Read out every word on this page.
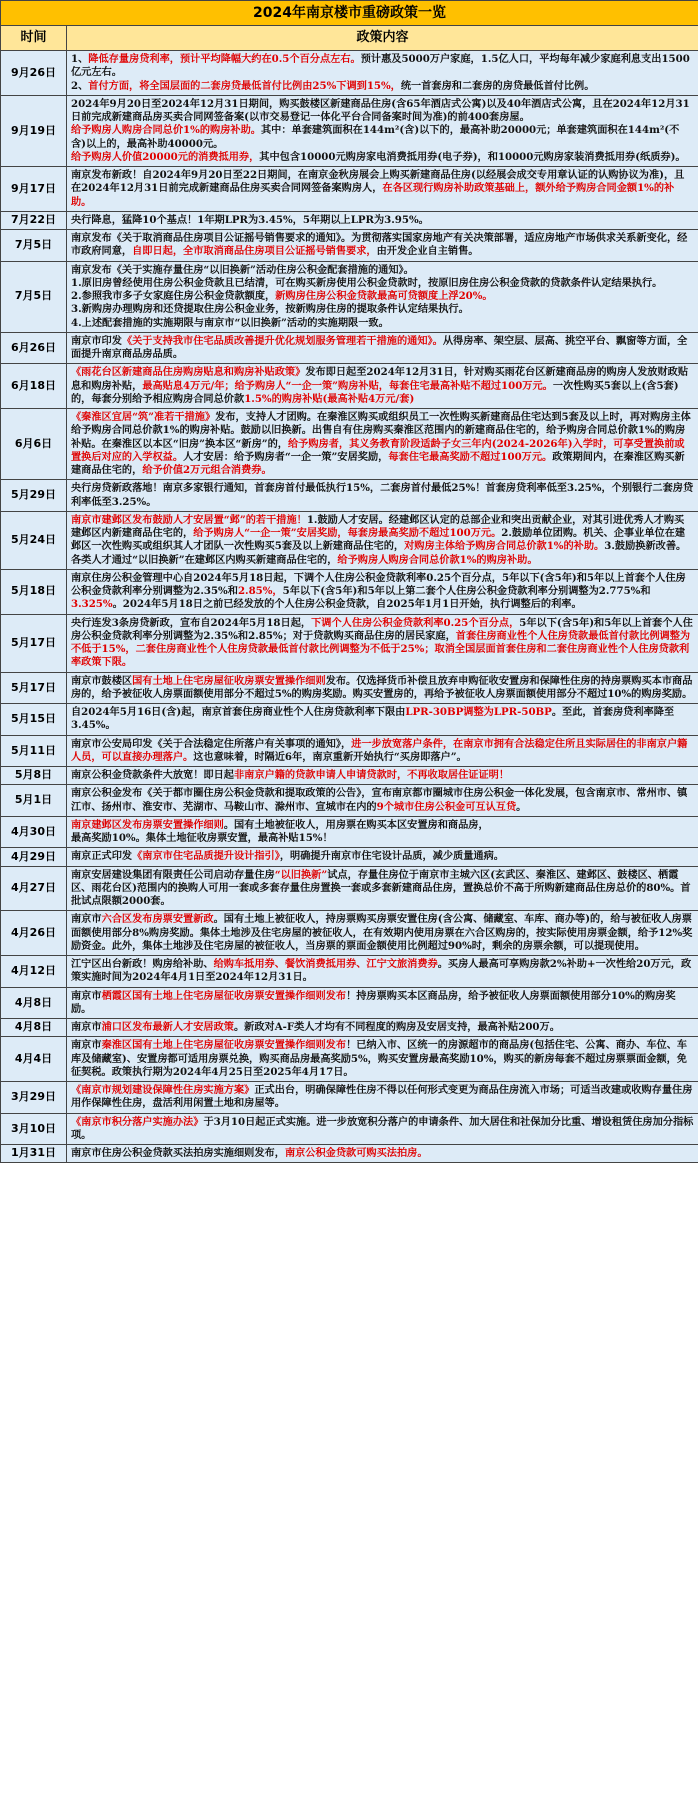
2024年南京楼市重磅政策一览	
时间	政策内容
9月26日	1、降低存量房贷利率，预计平均降幅大约在0.5个百分点左右。预计惠及5000万户家庭，1.5亿人口，平均每年减少家庭利息支出1500亿元左右。
2、首付方面，将全国层面的二套房贷最低首付比例由25%下调到15%，统一首套房和二套房的房贷最低首付比例。
9月19日	2024年9月20日至2024年12月31日期间，购买鼓楼区新建商品住房(含65年酒店式公寓)以及40年酒店式公寓，且在2024年12月31日前完成新建商品房买卖合同网签备案(以市交易登记一体化平台合同备案时间为准)的前400套房屋。
给予购房人购房合同总价1%的购房补助。其中：单套建筑面积在144m²(含)以下的，最高补助20000元；单套建筑面积在144m²(不含)以上的，最高补助40000元。
给予购房人价值20000元的消费抵用券，其中包含10000元购房家电消费抵用券(电子券)，和10000元购房家装消费抵用券(纸质券)。
9月17日	南京发布新政！自2024年9月20日至22日期间，在南京金秋房展会上购买新建商品住房(以经展会成交专用章认证的认购协议为准)，且在2024年12月31日前完成新建商品住房买卖合同网签备案购房人，在各区现行购房补助政策基础上，额外给予购房合同金额1%的补助。
7月22日	央行降息，猛降10个基点！1年期LPR为3.45%，5年期以上LPR为3.95%。
7月5日	南京发布《关于取消商品住房项目公证摇号销售要求的通知》。为贯彻落实国家房地产有关决策部署，适应房地产市场供求关系新变化，经市政府同意，自即日起，全市取消商品住房项目公证摇号销售要求，由开发企业自主销售。
7月5日	南京发布《关于实施存量住房“以旧换新”活动住房公积金配套措施的通知》。
1.原旧房曾经使用住房公积金贷款且已结清，可在购买新房使用公积金贷款时，按原旧房住房公积金贷款的贷款条件认定结果执行。
2.参照我市多子女家庭住房公积金贷款额度，新购房住房公积金贷款最高可贷额度上浮20%。
3.新购房办理购房和还贷提取住房公积金业务，按新购房住房的提取条件认定结果执行。
4.上述配套措施的实施期限与南京市“以旧换新”活动的实施期限一致。
6月26日	南京市印发《关于支持我市住宅品质改善提升优化规划服务管理若干措施的通知》。从得房率、架空层、层高、挑空平台、飘窗等方面，全面提升南京商品房品质。
6月18日	《雨花台区新建商品住房购房贴息和购房补贴政策》发布即日起至2024年12月31日，针对购买雨花台区新建商品房的购房人发放财政贴息和购房补贴，最高贴息4万元/年；给予购房人“一企一策”购房补贴，每套住宅最高补贴不超过100万元。一次性购买5套以上(含5套)的，每套分别给予相应购房合同总价款1.5%的购房补贴(最高补贴4万元/套)
6月6日	《秦淮区宜居“筑”准若干措施》发布，支持人才团购。在秦淮区购买或组织员工一次性购买新建商品住宅达到5套及以上时，再对购房主体给予购房合同总价款1%的购房补贴。鼓励以旧换新。出售自有住房购买秦淮区范围内的新建商品住宅的，给予购房合同总价款1%的购房补贴。在秦淮区以本区“旧房”换本区“新房”的，给予购房者，其义务教育阶段适龄子女三年内(2024-2026年)入学时，可享受置换前或置换后对应的入学权益。人才安居：给予购房者“一企一策”安居奖励，每套住宅最高奖励不超过100万元。政策期间内，在秦淮区购买新建商品住宅的，给予价值2万元组合消费券。
5月29日	央行房贷新政落地！南京多家银行通知，首套房首付最低执行15%，二套房首付最低25%！首套房贷利率低至3.25%，个别银行二套房贷利率低至3.25%。
5月24日	南京市建邺区发布鼓励人才安居置“邺”的若干措施！1.鼓励人才安居。经建邺区认定的总部企业和突出贡献企业，对其引进优秀人才购买建邺区内新建商品住宅的，给予购房人“一企一策”安居奖励，每套房最高奖励不超过100万元。2.鼓励单位团购。机关、企事业单位在建邺区一次性购买或组织其人才团队一次性购买5套及以上新建商品住宅的，对购房主体给予购房合同总价款1%的补助。3.鼓励换新改善。各类人才通过“以旧换新”在建邺区内购买新建商品住宅的，给予购房人购房合同总价款1%的购房补助。
5月18日	南京住房公积金管理中心自2024年5月18日起，下调个人住房公积金贷款利率0.25个百分点，5年以下(含5年)和5年以上首套个人住房公积金贷款利率分别调整为2.35%和2.85%，5年以下(含5年)和5年以上第二套个人住房公积金贷款利率分别调整为2.775%和3.325%。2024年5月18日之前已经发放的个人住房公积金贷款，自2025年1月1日开始，执行调整后的利率。
5月17日	央行连发3条房贷新政，宣布自2024年5月18日起，下调个人住房公积金贷款利率0.25个百分点，5年以下(含5年)和5年以上首套个人住房公积金贷款利率分别调整为2.35%和2.85%；对于贷款购买商品住房的居民家庭，首套住房商业性个人住房贷款最低首付款比例调整为不低于15%，二套住房商业性个人住房贷款最低首付款比例调整为不低于25%；取消全国层面首套住房和二套住房商业性个人住房贷款利率政策下限。
5月17日	南京市鼓楼区国有土地上住宅房屋征收房票安置操作细则发布。仅选择货币补偿且放弃申购征收安置房和保障性住房的持房票购买本市商品房的，给予被征收人房票面额使用部分不超过5%的购房奖励。购买安置房的，再给予被征收人房票面额使用部分不超过10%的购房奖励。
5月15日	自2024年5月16日(含)起，南京首套住房商业性个人住房贷款利率下限由LPR-30BP调整为LPR-50BP。至此，首套房贷利率降至3.45%。
5月11日	南京市公安局印发《关于合法稳定住所落户有关事项的通知》，进一步放宽落户条件，在南京市拥有合法稳定住所且实际居住的非南京户籍人员，可以直接办理落户。这也意味着，时隔近6年，南京重新开始执行“买房即落户”。
5月8日	南京公积金贷款条件大放宽！即日起非南京户籍的贷款申请人申请贷款时，不再收取居住证证明！
5月1日	南京公积金发布《关于都市圈住房公积金贷款和提取政策的公告》，宣布南京都市圈城市住房公积金一体化发展，包含南京市、常州市、镇江市、扬州市、淮安市、芜湖市、马鞍山市、滁州市、宣城市在内的9个城市住房公积金可互认互贷。
4月30日	南京建邺区发布房票安置操作细则。国有土地被征收人，用房票在购买本区安置房和商品房，
最高奖励10%。集体土地征收房票安置，最高补贴15%！
4月29日	南京正式印发《南京市住宅品质提升设计指引》，明确提升南京市住宅设计品质，减少质量通病。
4月27日	南京安居建设集团有限责任公司启动存量住房“以旧换新”试点，存量住房位于南京市主城六区(玄武区、秦淮区、建邺区、鼓楼区、栖霞区、雨花台区)范围内的换购人可用一套或多套存量住房置换一套或多套新建商品住房，置换总价不高于所购新建商品住房总价的80%。首批试点限额2000套。
4月26日	南京市六合区发布房票安置新政。国有土地上被征收人，持房票购买房票安置住房(含公寓、储藏室、车库、商办等)的，给与被征收人房票面额使用部分8%购房奖励。集体土地涉及住宅房屋的被征收人，在有效期内使用房票在六合区购房的，按实际使用房票金额，给予12%奖励资金。此外，集体土地涉及住宅房屋的被征收人，当房票的票面金额使用比例超过90%时，剩余的房票余额，可以提现使用。
4月12日	江宁区出台新政！购房给补助、给购车抵用券、餐饮消费抵用券、江宁文旅消费券。买房人最高可享购房款2%补助+一次性给20万元，政策实施时间为2024年4月1日至2024年12月31日。
4月8日	南京市栖霞区国有土地上住宅房屋征收房票安置操作细则发布！持房票购买本区商品房，给予被征收人房票面额使用部分10%的购房奖励。
4月8日	南京市浦口区发布最新人才安居政策。新政对A-F类人才均有不同程度的购房及安居支持，最高补贴200万。
4月4日	南京市秦淮区国有土地上住宅房屋征收房票安置操作细则发布！已纳入市、区统一的房源超市的商品房(包括住宅、公寓、商办、车位、车库及储藏室)、安置房都可适用房票兑换，购买商品房最高奖励5%，购买安置房最高奖励10%，购买的新房每套不超过房票票面金额，免征契税。政策执行期为2024年4月25日至2025年4月17日。
3月29日	《南京市规划建设保障性住房实施方案》正式出台，明确保障性住房不得以任何形式变更为商品住房流入市场；可适当改建或收购存量住房用作保障性住房，盘活利用闲置土地和房屋等。
3月10日	《南京市积分落户实施办法》于3月10日起正式实施。进一步放宽积分落户的申请条件、加大居住和社保加分比重、增设租赁住房加分指标项。
1月31日	南京市住房公积金贷款买法拍房实施细则发布，南京公积金贷款可购买法拍房。
